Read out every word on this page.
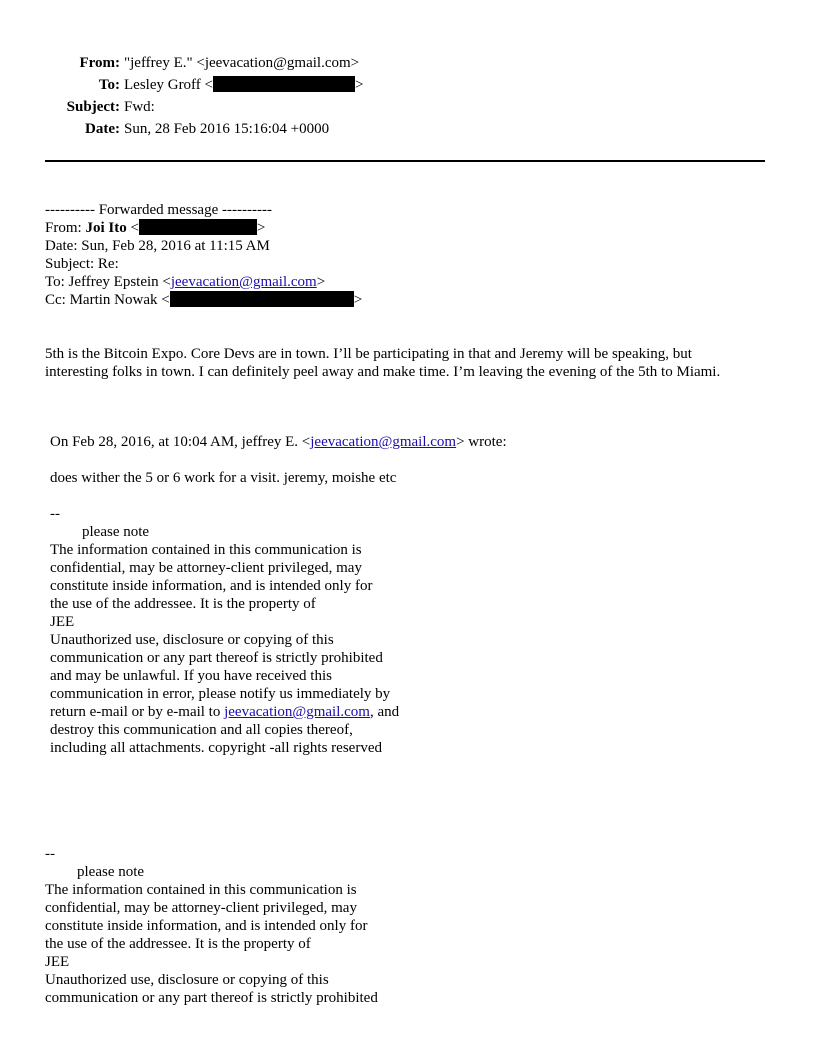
From: "jeffrey E." <jeevacation@gmail.com>
To: Lesley Groff <	>
Subject: Fwd:
Date: Sun, 28 Feb 2016 15:16:04 +0000
---------- Forwarded message ----------
From: Joi Ito <	>
Date: Sun, Feb 28, 2016 at 11:15 AM
Subject: Re:
To: Jeffrey Epstein <jeevacation@gmail.com>
Cc: Martin Nowak <	>
5th is the Bitcoin Expo. Core Devs are in town. I’ll be participating in that and Jeremy will be speaking, but
interesting folks in town. I can definitely peel away and make time. I’m leaving the evening of the 5th to Miami.
On Feb 28, 2016, at 10:04 AM, jeffrey E. <jeevacation@gmail.com> wrote:
does wither the 5 or 6 work for a visit. jeremy, moishe etc
--
please note
The information contained in this communication is
confidential, may be attorney-client privileged, may
constitute inside information, and is intended only for
the use of the addressee. It is the property of
JEE
Unauthorized use, disclosure or copying of this
communication or any part thereof is strictly prohibited
and may be unlawful. If you have received this
communication in error, please notify us immediately by
return e-mail or by e-mail to jeevacation@gmail.com, and
destroy this communication and all copies thereof,
including all attachments. copyright -all rights reserved
--
please note
The information contained in this communication is
confidential, may be attorney-client privileged, may
constitute inside information, and is intended only for
the use of the addressee. It is the property of
JEE
Unauthorized use, disclosure or copying of this
communication or any part thereof is strictly prohibited
